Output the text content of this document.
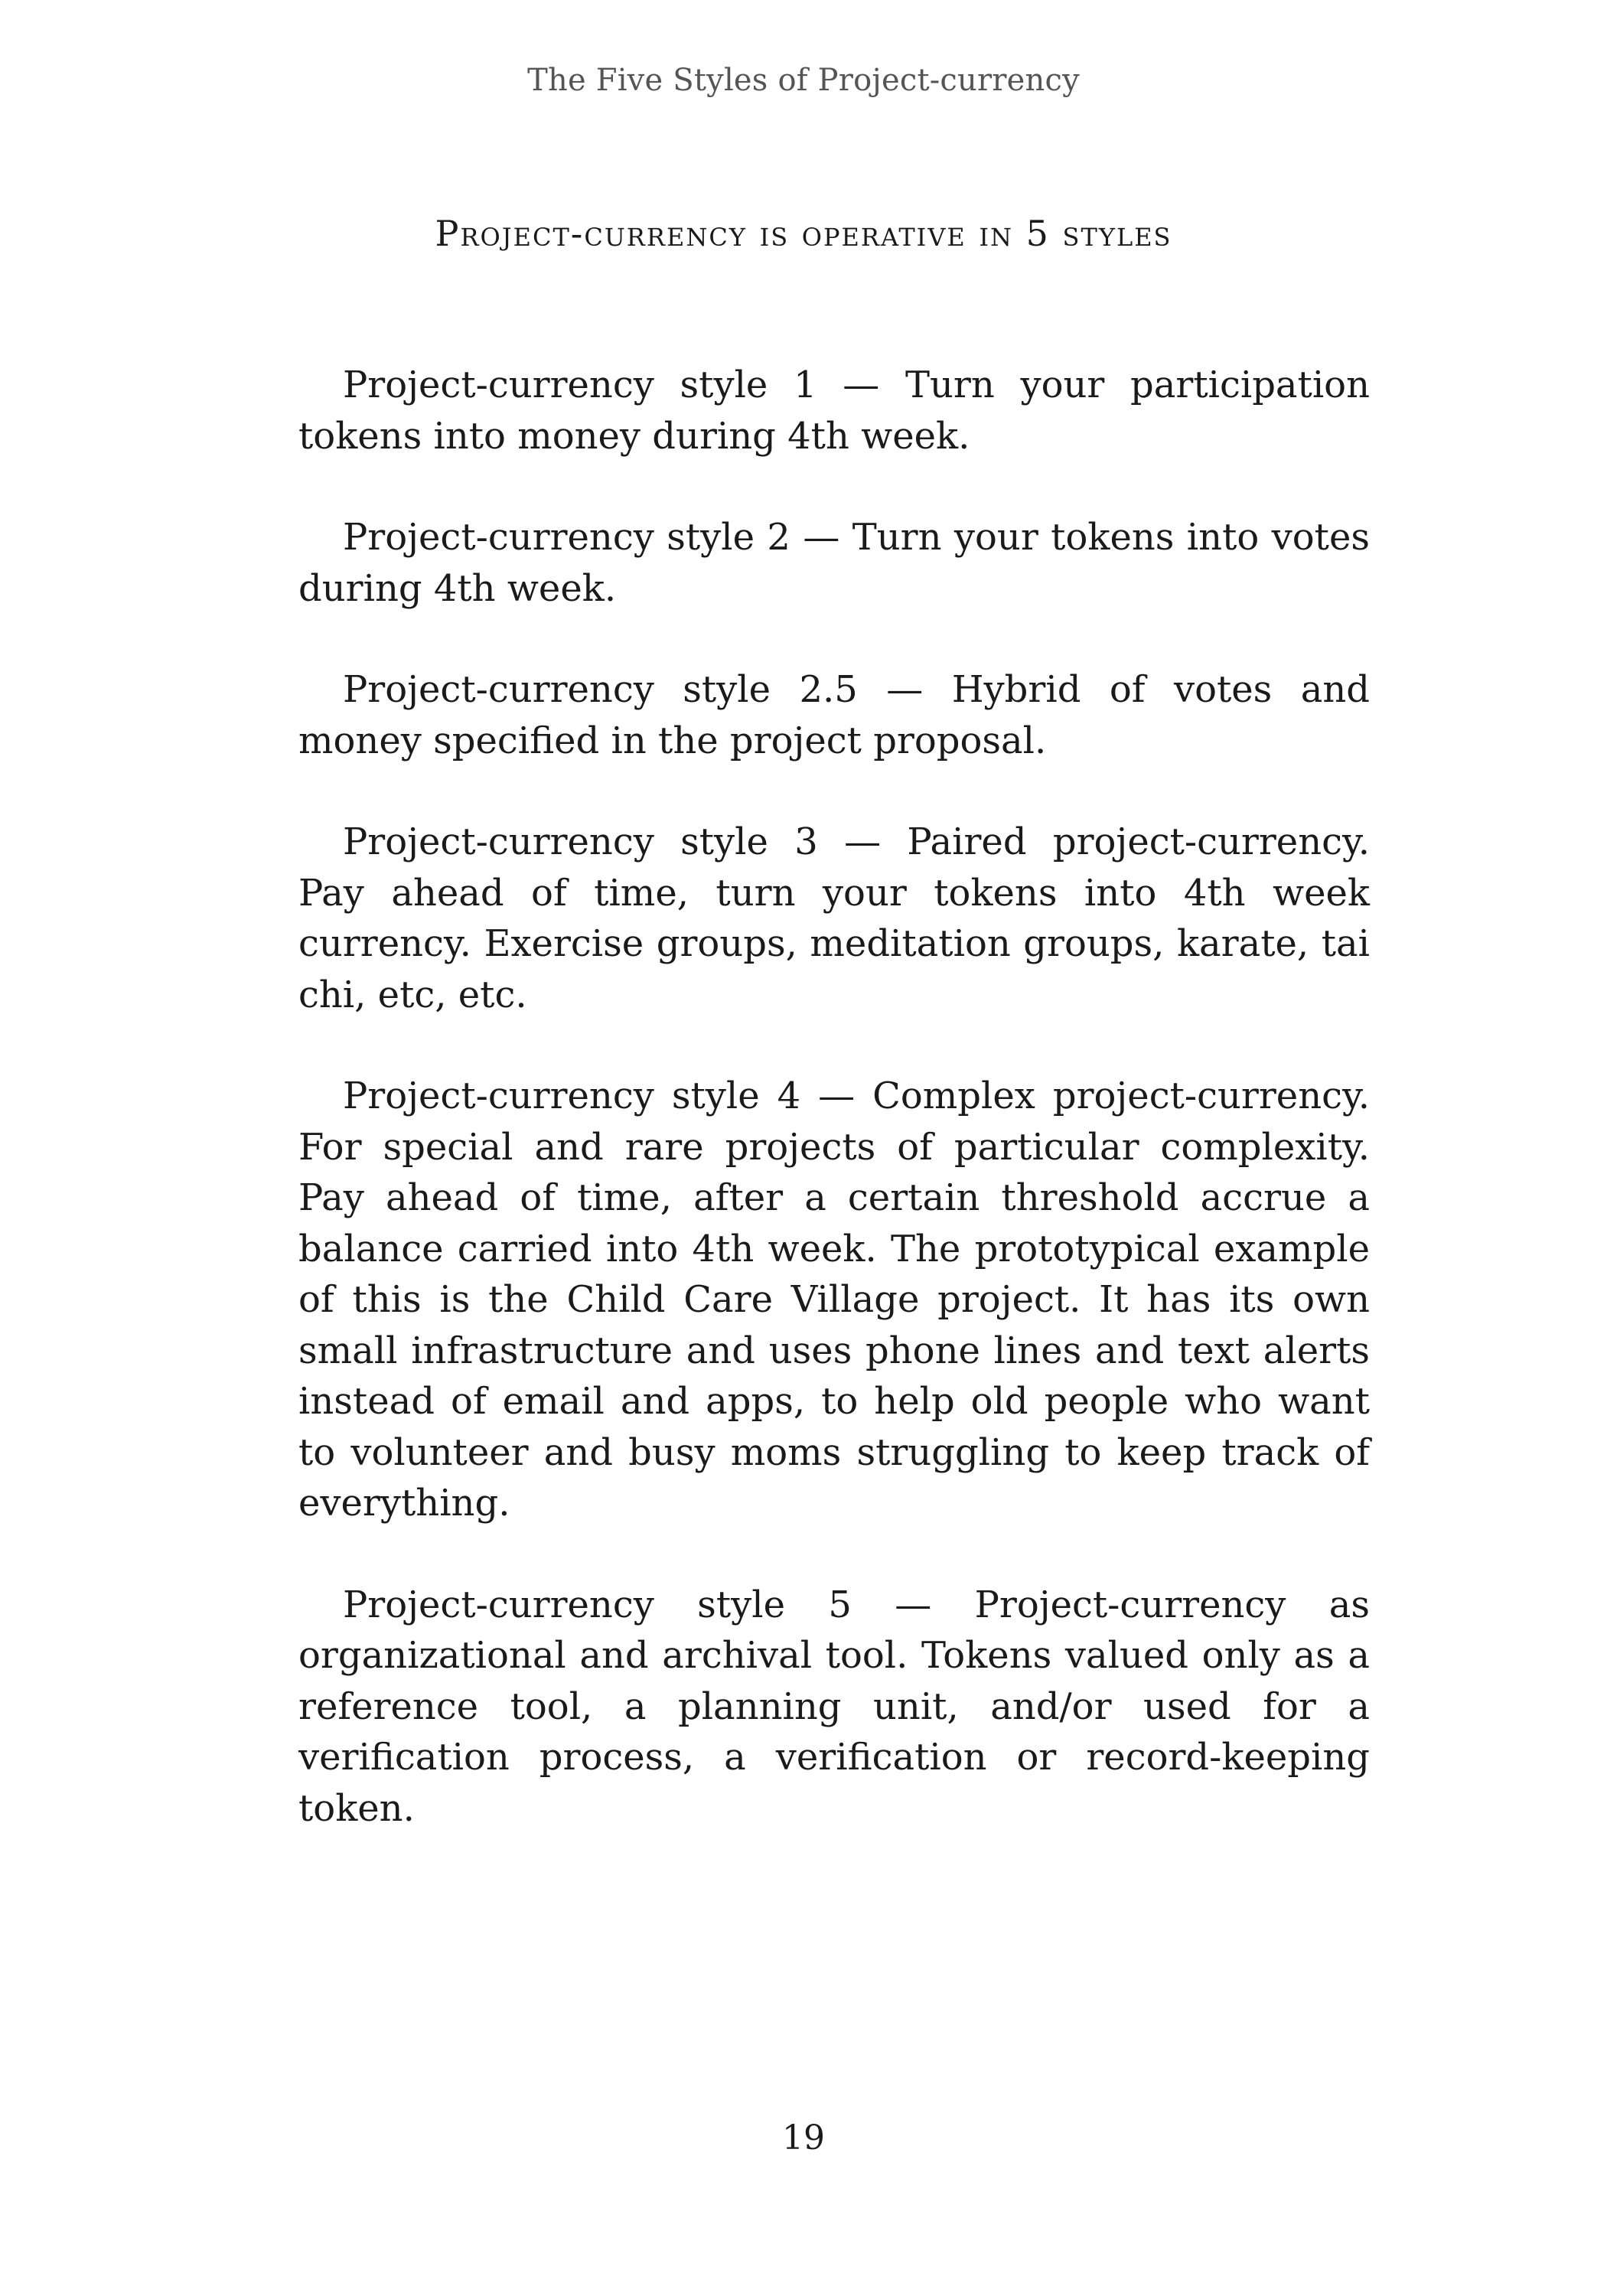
The Five Styles of Project-currency
Project-currency is operative in 5 styles

Project-currency style 1 — Turn your participation tokens into money during 4th week.

Project-currency style 2 — Turn your tokens into votes during 4th week.

Project-currency style 2.5 — Hybrid of votes and money specified in the project proposal.

Project-currency style 3 — Paired project-currency. Pay ahead of time, turn your tokens into 4th week currency. Exercise groups, meditation groups, karate, tai chi, etc, etc.

Project-currency style 4 — Complex project-currency. For special and rare projects of particular complexity. Pay ahead of time, after a certain threshold accrue a balance carried into 4th week. The prototypical example of this is the Child Care Village project. It has its own small infrastructure and uses phone lines and text alerts instead of email and apps, to help old people who want to volunteer and busy moms struggling to keep track of everything.

Project-currency style 5 — Project-currency as organizational and archival tool. Tokens valued only as a reference tool, a planning unit, and/or used for a verification process, a verification or record-keeping token.

19
